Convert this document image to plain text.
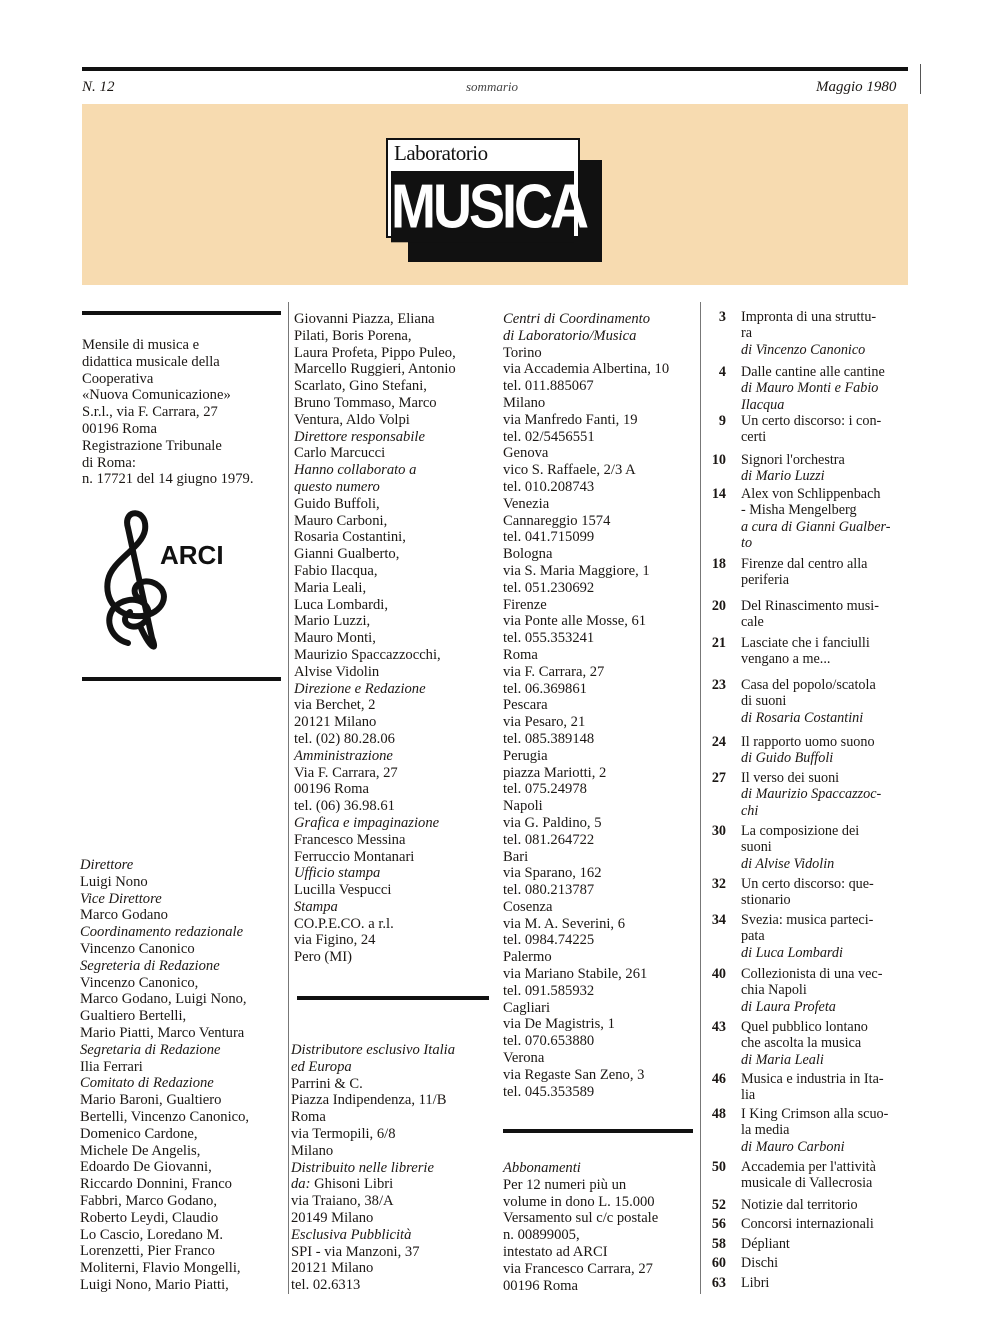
N. 12	sommario	Maggio 1980
Laboratorio
MUSICA
Mensile di musica e
didattica musicale della
Cooperativa
«Nuova Comunicazione»
S.r.l., via F. Carrara, 27
00196 Roma
Registrazione Tribunale
di Roma:
n. 17721 del 14 giugno 1979.
ARCI
Direttore
Luigi Nono
Vice Direttore
Marco Godano
Coordinamento redazionale
Vincenzo Canonico
Segreteria di Redazione
Vincenzo Canonico,
Marco Godano, Luigi Nono,
Gualtiero Bertelli,
Mario Piatti, Marco Ventura
Segretaria di Redazione
Ilia Ferrari
Comitato di Redazione
Mario Baroni, Gualtiero
Bertelli, Vincenzo Canonico,
Domenico Cardone,
Michele De Angelis,
Edoardo De Giovanni,
Riccardo Donnini, Franco
Fabbri, Marco Godano,
Roberto Leydi, Claudio
Lo Cascio, Loredano M.
Lorenzetti, Pier Franco
Moliterni, Flavio Mongelli,
Luigi Nono, Mario Piatti,
Giovanni Piazza, Eliana
Pilati, Boris Porena,
Laura Profeta, Pippo Puleo,
Marcello Ruggieri, Antonio
Scarlato, Gino Stefani,
Bruno Tommaso, Marco
Ventura, Aldo Volpi
Direttore responsabile
Carlo Marcucci
Hanno collaborato a
questo numero
Guido Buffoli,
Mauro Carboni,
Rosaria Costantini,
Gianni Gualberto,
Fabio Ilacqua,
Maria Leali,
Luca Lombardi,
Mario Luzzi,
Mauro Monti,
Maurizio Spaccazzocchi,
Alvise Vidolin
Direzione e Redazione
via Berchet, 2
20121 Milano
tel. (02) 80.28.06
Amministrazione
Via F. Carrara, 27
00196 Roma
tel. (06) 36.98.61
Grafica e impaginazione
Francesco Messina
Ferruccio Montanari
Ufficio stampa
Lucilla Vespucci
Stampa
CO.P.E.CO. a r.l.
via Figino, 24
Pero (MI)
Distributore esclusivo Italia
ed Europa
Parrini & C.
Piazza Indipendenza, 11/B
Roma
via Termopili, 6/8
Milano
Distribuito nelle librerie
da: Ghisoni Libri
via Traiano, 38/A
20149 Milano
Esclusiva Pubblicità
SPI - via Manzoni, 37
20121 Milano
tel. 02.6313
Centri di Coordinamento
di Laboratorio/Musica
Torino
via Accademia Albertina, 10
tel. 011.885067
Milano
via Manfredo Fanti, 19
tel. 02/5456551
Genova
vico S. Raffaele, 2/3 A
tel. 010.208743
Venezia
Cannareggio 1574
tel. 041.715099
Bologna
via S. Maria Maggiore, 1
tel. 051.230692
Firenze
via Ponte alle Mosse, 61
tel. 055.353241
Roma
via F. Carrara, 27
tel. 06.369861
Pescara
via Pesaro, 21
tel. 085.389148
Perugia
piazza Mariotti, 2
tel. 075.24978
Napoli
via G. Paldino, 5
tel. 081.264722
Bari
via Sparano, 162
tel. 080.213787
Cosenza
via M. A. Severini, 6
tel. 0984.74225
Palermo
via Mariano Stabile, 261
tel. 091.585932
Cagliari
via De Magistris, 1
tel. 070.653880
Verona
via Regaste San Zeno, 3
tel. 045.353589
Abbonamenti
Per 12 numeri più un
volume in dono L. 15.000
Versamento sul c/c postale
n. 00899005,
intestato ad ARCI
via Francesco Carrara, 27
00196 Roma
3 Impronta di una struttu-
ra
di Vincenzo Canonico
4 Dalle cantine alle cantine
di Mauro Monti e Fabio
Ilacqua
9 Un certo discorso: i con-
certi
10 Signori l'orchestra
di Mario Luzzi
14 Alex von Schlippenbach
- Misha Mengelberg
a cura di Gianni Gualber-
to
18 Firenze dal centro alla
periferia
20 Del Rinascimento musi-
cale
21 Lasciate che i fanciulli
vengano a me...
23 Casa del popolo/scatola
di suoni
di Rosaria Costantini
24 Il rapporto uomo suono
di Guido Buffoli
27 Il verso dei suoni
di Maurizio Spaccazzoc-
chi
30 La composizione dei
suoni
di Alvise Vidolin
32 Un certo discorso: que-
stionario
34 Svezia: musica parteci-
pata
di Luca Lombardi
40 Collezionista di una vec-
chia Napoli
di Laura Profeta
43 Quel pubblico lontano
che ascolta la musica
di Maria Leali
46 Musica e industria in Ita-
lia
48 I King Crimson alla scuo-
la media
di Mauro Carboni
50 Accademia per l'attività
musicale di Vallecrosia
52 Notizie dal territorio
56 Concorsi internazionali
58 Dépliant
60 Dischi
63 Libri
